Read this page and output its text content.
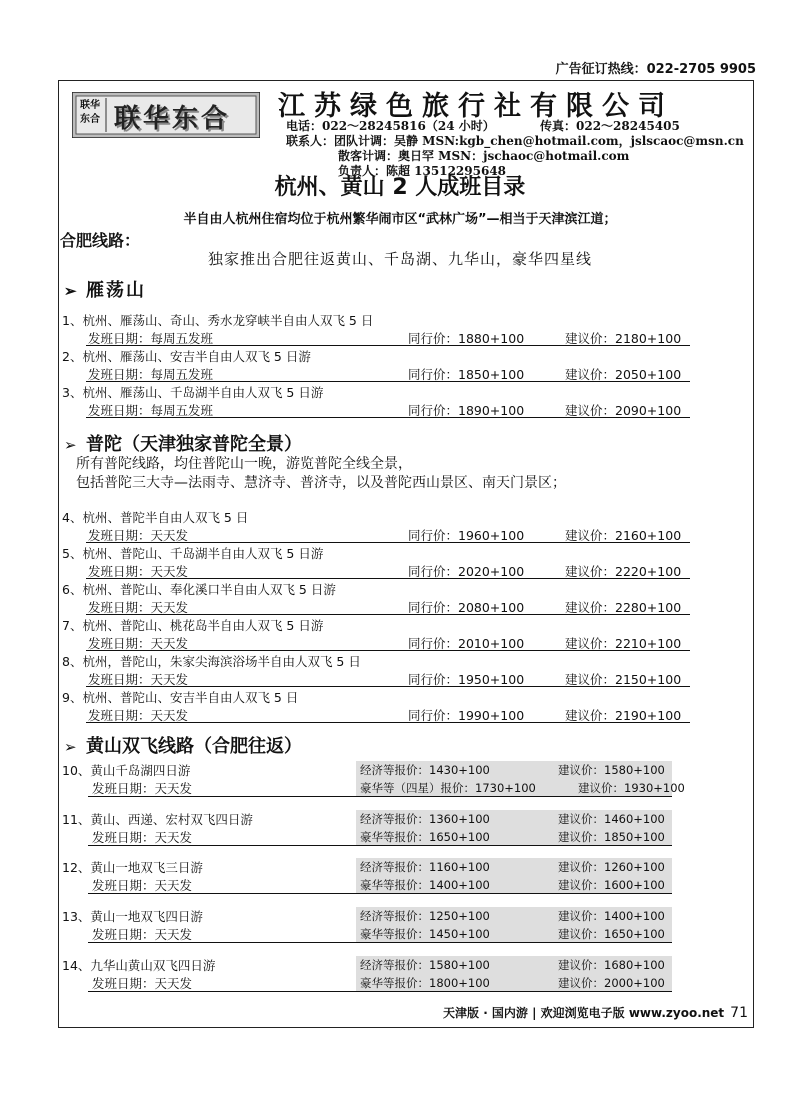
广告征订热线：022-2705 9905
联华
东合 联华东合 江苏绿色旅行社有限公司
电话：022～28245816（24 小时）	传真：022～28245405
联系人：团队计调：吴静 MSN:kgb_chen@hotmail.com，jslscaoc@msn.cn
散客计调：奥日罕 MSN：jschaoc@hotmail.com
负责人：陈超 13512295648
杭州、黄山 2 人成班目录
半自由人杭州住宿均位于杭州繁华闹市区“武林广场”—相当于天津滨江道；
合肥线路：
独家推出合肥往返黄山、千岛湖、九华山，豪华四星线
➢ 雁荡山
1、杭州、雁荡山、奇山、秀水龙穿峡半自由人双飞 5 日
发班日期：每周五发班	同行价：1880+100	建议价：2180+100
2、杭州、雁荡山、安吉半自由人双飞 5 日游
发班日期：每周五发班	同行价：1850+100	建议价：2050+100
3、杭州、雁荡山、千岛湖半自由人双飞 5 日游
发班日期：每周五发班	同行价：1890+100	建议价：2090+100
➢ 普陀（天津独家普陀全景）
所有普陀线路，均住普陀山一晚，游览普陀全线全景，
包括普陀三大寺—法雨寺、慧济寺、普济寺，以及普陀西山景区、南天门景区；
4、杭州、普陀半自由人双飞 5 日
发班日期：天天发	同行价：1960+100	建议价：2160+100
5、杭州、普陀山、千岛湖半自由人双飞 5 日游
发班日期：天天发	同行价：2020+100	建议价：2220+100
6、杭州、普陀山、奉化溪口半自由人双飞 5 日游
发班日期：天天发	同行价：2080+100	建议价：2280+100
7、杭州、普陀山、桃花岛半自由人双飞 5 日游
发班日期：天天发	同行价：2010+100	建议价：2210+100
8、杭州，普陀山，朱家尖海滨浴场半自由人双飞 5 日
发班日期：天天发	同行价：1950+100	建议价：2150+100
9、杭州、普陀山、安吉半自由人双飞 5 日
发班日期：天天发	同行价：1990+100	建议价：2190+100
➢ 黄山双飞线路（合肥往返）
10、黄山千岛湖四日游
发班日期：天天发
经济等报价：1430+100	建议价：1580+100
豪华等（四星）报价：1730+100	建议价：1930+100
11、黄山、西递、宏村双飞四日游
发班日期：天天发
经济等报价：1360+100	建议价：1460+100
豪华等报价：1650+100	建议价：1850+100
12、黄山一地双飞三日游
发班日期：天天发
经济等报价：1160+100	建议价：1260+100
豪华等报价：1400+100	建议价：1600+100
13、黄山一地双飞四日游
发班日期：天天发
经济等报价：1250+100	建议价：1400+100
豪华等报价：1450+100	建议价：1650+100
14、九华山黄山双飞四日游
发班日期：天天发
经济等报价：1580+100	建议价：1680+100
豪华等报价：1800+100	建议价：2000+100
天津版 · 国内游 | 欢迎浏览电子版 www.zyoo.net 71
